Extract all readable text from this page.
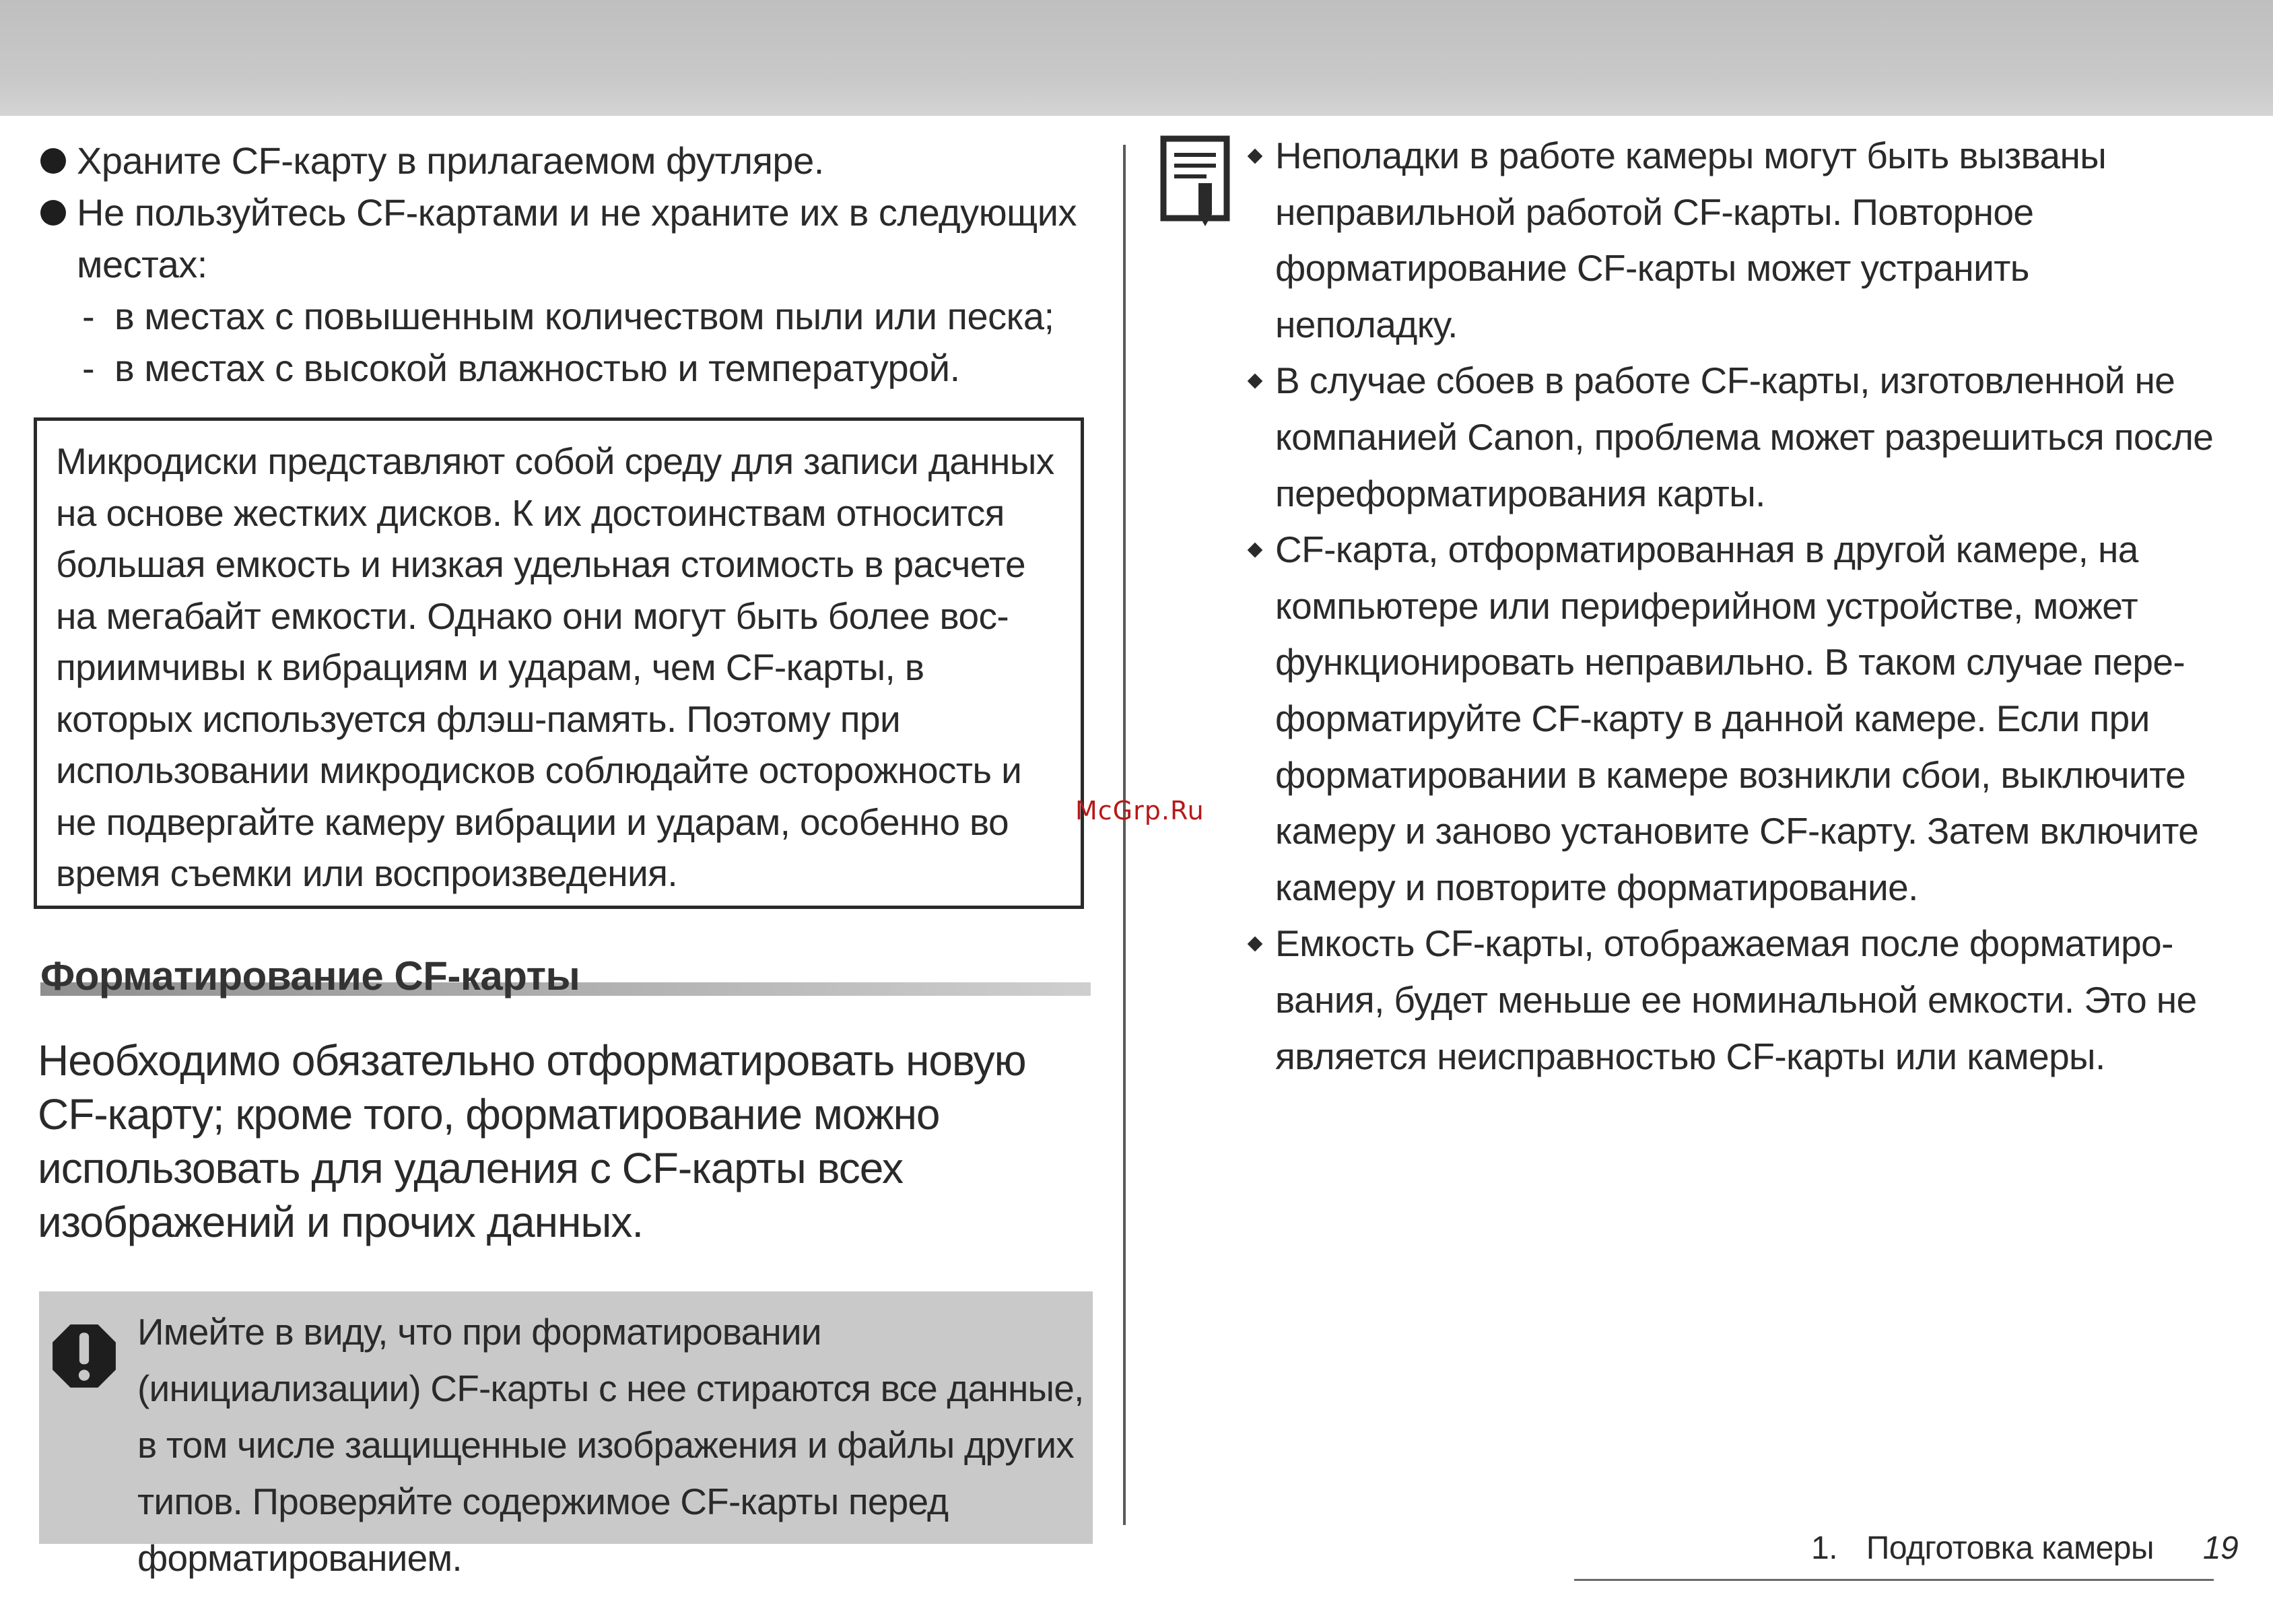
Храните CF-карту в прилагаемом футляре.
Не пользуйтесь CF-картами и не храните их в следующих местах:
- в местах с повышенным количеством пыли или песка;
- в местах с высокой влажностью и температурой.
Микродиски представляют собой среду для записи данных на основе жестких дисков. К их достоинствам относится большая емкость и низкая удельная стоимость в расчете на мегабайт емкости. Однако они могут быть более вос-приимчивы к вибрациям и ударам, чем CF-карты, в которых используется флэш-память. Поэтому при использовании микродисков соблюдайте осторожность и не подвергайте камеру вибрации и ударам, особенно во время съемки или воспроизведения.
Форматирование CF-карты
Необходимо обязательно отформатировать новую CF-карту; кроме того, форматирование можно использовать для удаления с CF-карты всех изображений и прочих данных.
Имейте в виду, что при форматировании (инициализации) CF-карты с нее стираются все данные, в том числе защищенные изображения и файлы других типов. Проверяйте содержимое CF-карты перед форматированием.
Неполадки в работе камеры могут быть вызваны неправильной работой CF-карты. Повторное форматирование CF-карты может устранить неполадку.
В случае сбоев в работе CF-карты, изготовленной не компанией Canon, проблема может разрешиться после переформатирования карты.
CF-карта, отформатированная в другой камере, на компьютере или периферийном устройстве, может функционировать неправильно. В таком случае пере-форматируйте CF-карту в данной камере. Если при форматировании в камере возникли сбои, выключите камеру и заново установите CF-карту. Затем включите камеру и повторите форматирование.
Емкость CF-карты, отображаемая после форматиро-вания, будет меньше ее номинальной емкости. Это не является неисправностью CF-карты или камеры.
McGrp.Ru
1. Подготовка камеры 19
